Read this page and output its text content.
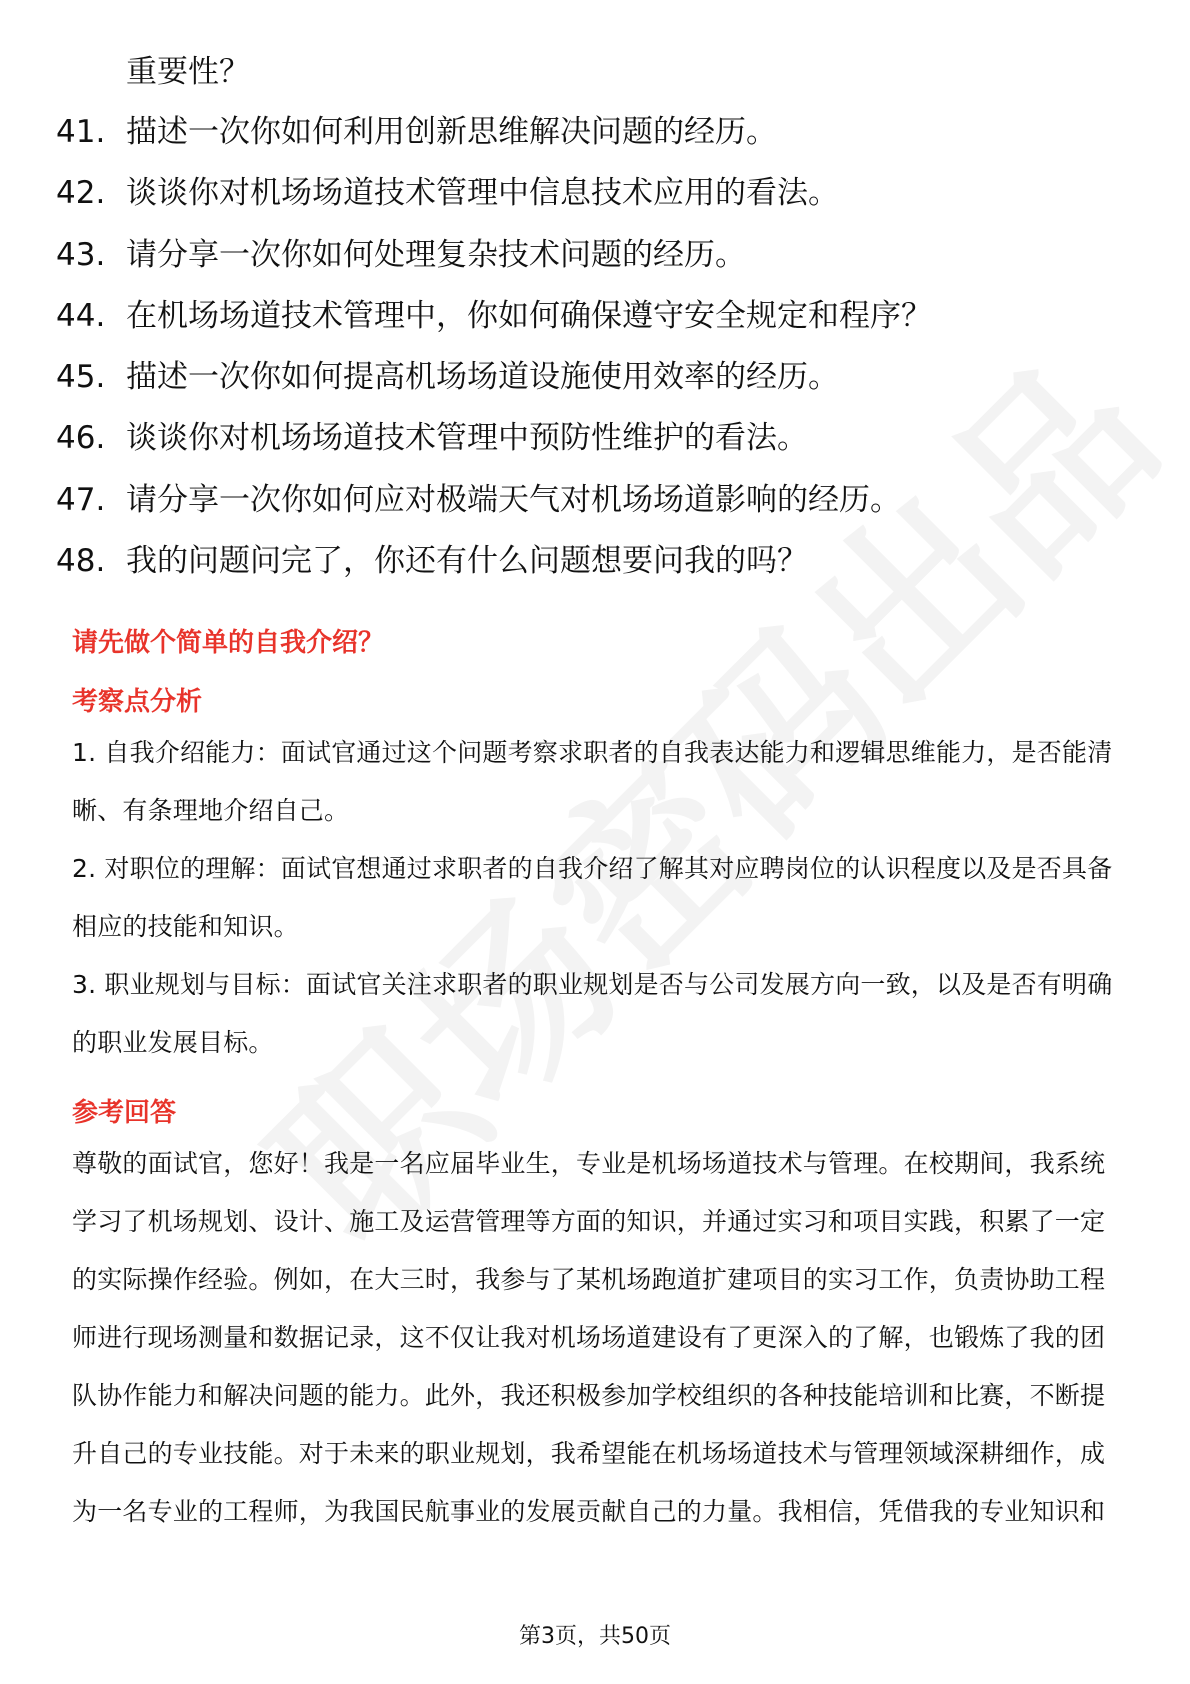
重要性？
41. 描述一次你如何利用创新思维解决问题的经历。
42. 谈谈你对机场场道技术管理中信息技术应用的看法。
43. 请分享一次你如何处理复杂技术问题的经历。
44. 在机场场道技术管理中，你如何确保遵守安全规定和程序？
45. 描述一次你如何提高机场场道设施使用效率的经历。
46. 谈谈你对机场场道技术管理中预防性维护的看法。
47. 请分享一次你如何应对极端天气对机场场道影响的经历。
48. 我的问题问完了，你还有什么问题想要问我的吗？
请先做个简单的自我介绍？
考察点分析

1. 自我介绍能力：面试官通过这个问题考察求职者的自我表达能力和逻辑思维能力，是否能清晰、有条理地介绍自己。

2. 对职位的理解：面试官想通过求职者的自我介绍了解其对应聘岗位的认识程度以及是否具备相应的技能和知识。

3. 职业规划与目标：面试官关注求职者的职业规划是否与公司发展方向一致，以及是否有明确的职业发展目标。

参考回答

尊敬的面试官，您好！我是一名应届毕业生，专业是机场场道技术与管理。在校期间，我系统学习了机场规划、设计、施工及运营管理等方面的知识，并通过实习和项目实践，积累了一定的实际操作经验。例如，在大三时，我参与了某机场跑道扩建项目的实习工作，负责协助工程师进行现场测量和数据记录，这不仅让我对机场场道建设有了更深入的了解，也锻炼了我的团队协作能力和解决问题的能力。此外，我还积极参加学校组织的各种技能培训和比赛，不断提升自己的专业技能。对于未来的职业规划，我希望能在机场场道技术与管理领域深耕细作，成为一名专业的工程师，为我国民航事业的发展贡献自己的力量。我相信，凭借我的专业知识和

第3页，共50页
